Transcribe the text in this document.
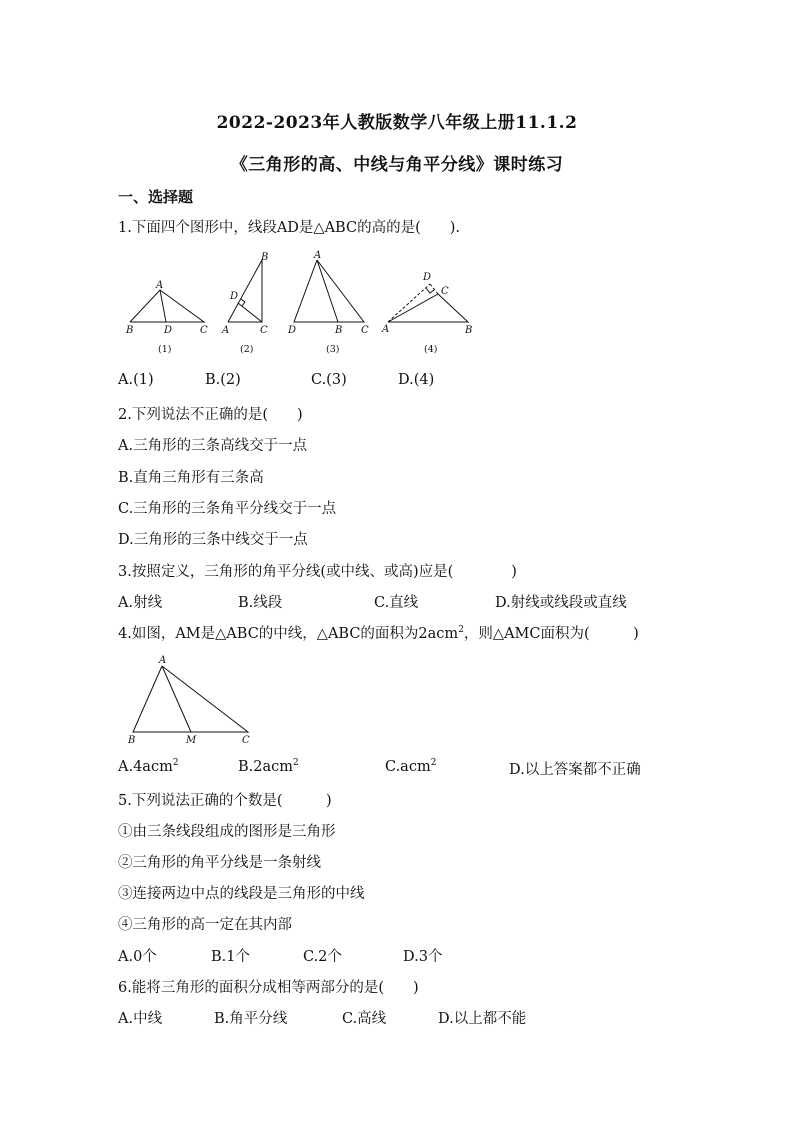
2022-2023年人教版数学八年级上册11.1.2
《三角形的高、中线与角平分线》课时练习
一、选择题
1.下面四个图形中，线段AD是△ABC的高的是(　　).
A
B	D	C
(1)
B
D
A	C
(2)
A
D	B C
(3)
D
C
A	B
(4)
A.(1)	B.(2)	C.(3)	D.(4)
2.下列说法不正确的是(　　)
A.三角形的三条高线交于一点
B.直角三角形有三条高
C.三角形的三条角平分线交于一点
D.三角形的三条中线交于一点
3.按照定义，三角形的角平分线(或中线、或高)应是(　　　　)
A.射线	B.线段	C.直线	D.射线或线段或直线
4.如图，AM是△ABC的中线，△ABC的面积为2acm$^2$，则△AMC面积为(　　　)
A
B	M	C
A.4acm$^2$	B.2acm$^2$	C.acm$^2$	D.以上答案都不正确
5.下列说法正确的个数是(　　　)
①由三条线段组成的图形是三角形
②三角形的角平分线是一条射线
③连接两边中点的线段是三角形的中线
④三角形的高一定在其内部
A.0个	B.1个	C.2个	D.3个
6.能将三角形的面积分成相等两部分的是(　　)
A.中线	B.角平分线	C.高线	D.以上都不能
